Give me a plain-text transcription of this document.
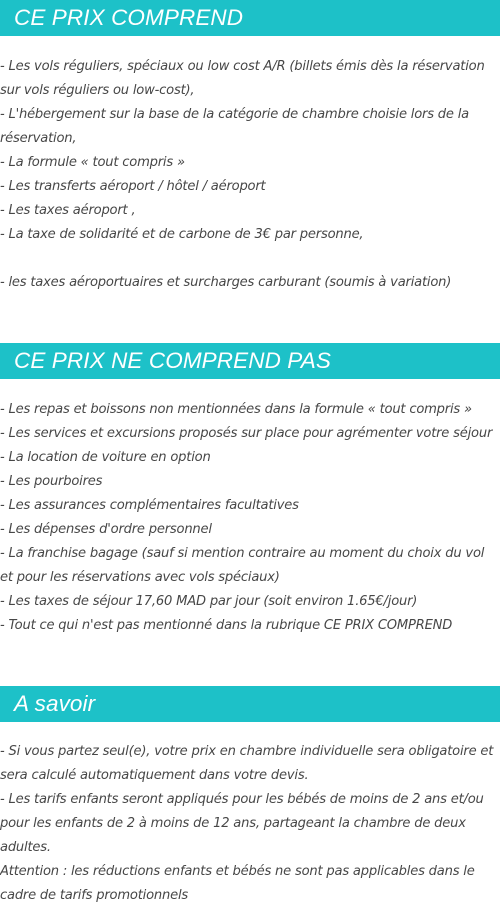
CE PRIX COMPREND
- Les vols réguliers, spéciaux ou low cost A/R (billets émis dès la réservation sur vols réguliers ou low-cost),
- L'hébergement sur la base de la catégorie de chambre choisie lors de la réservation,
- La formule « tout compris »
- Les transferts aéroport / hôtel / aéroport
- Les taxes aéroport ,
- La taxe de solidarité et de carbone de 3€ par personne,
- les taxes aéroportuaires et surcharges carburant (soumis à variation)
CE PRIX NE COMPREND PAS
- Les repas et boissons non mentionnées dans la formule « tout compris »
- Les services et excursions proposés sur place pour agrémenter votre séjour
- La location de voiture en option
- Les pourboires
- Les assurances complémentaires facultatives
- Les dépenses d'ordre personnel
- La franchise bagage (sauf si mention contraire au moment du choix du vol et pour les réservations avec vols spéciaux)
- Les taxes de séjour 17,60 MAD par jour (soit environ 1.65€/jour)
- Tout ce qui n'est pas mentionné dans la rubrique CE PRIX COMPREND
A savoir
- Si vous partez seul(e), votre prix en chambre individuelle sera obligatoire et sera calculé automatiquement dans votre devis.
- Les tarifs enfants seront appliqués pour les bébés de moins de 2 ans et/ou pour les enfants de 2 à moins de 12 ans, partageant la chambre de deux adultes.
Attention : les réductions enfants et bébés ne sont pas applicables dans le cadre de tarifs promotionnels
